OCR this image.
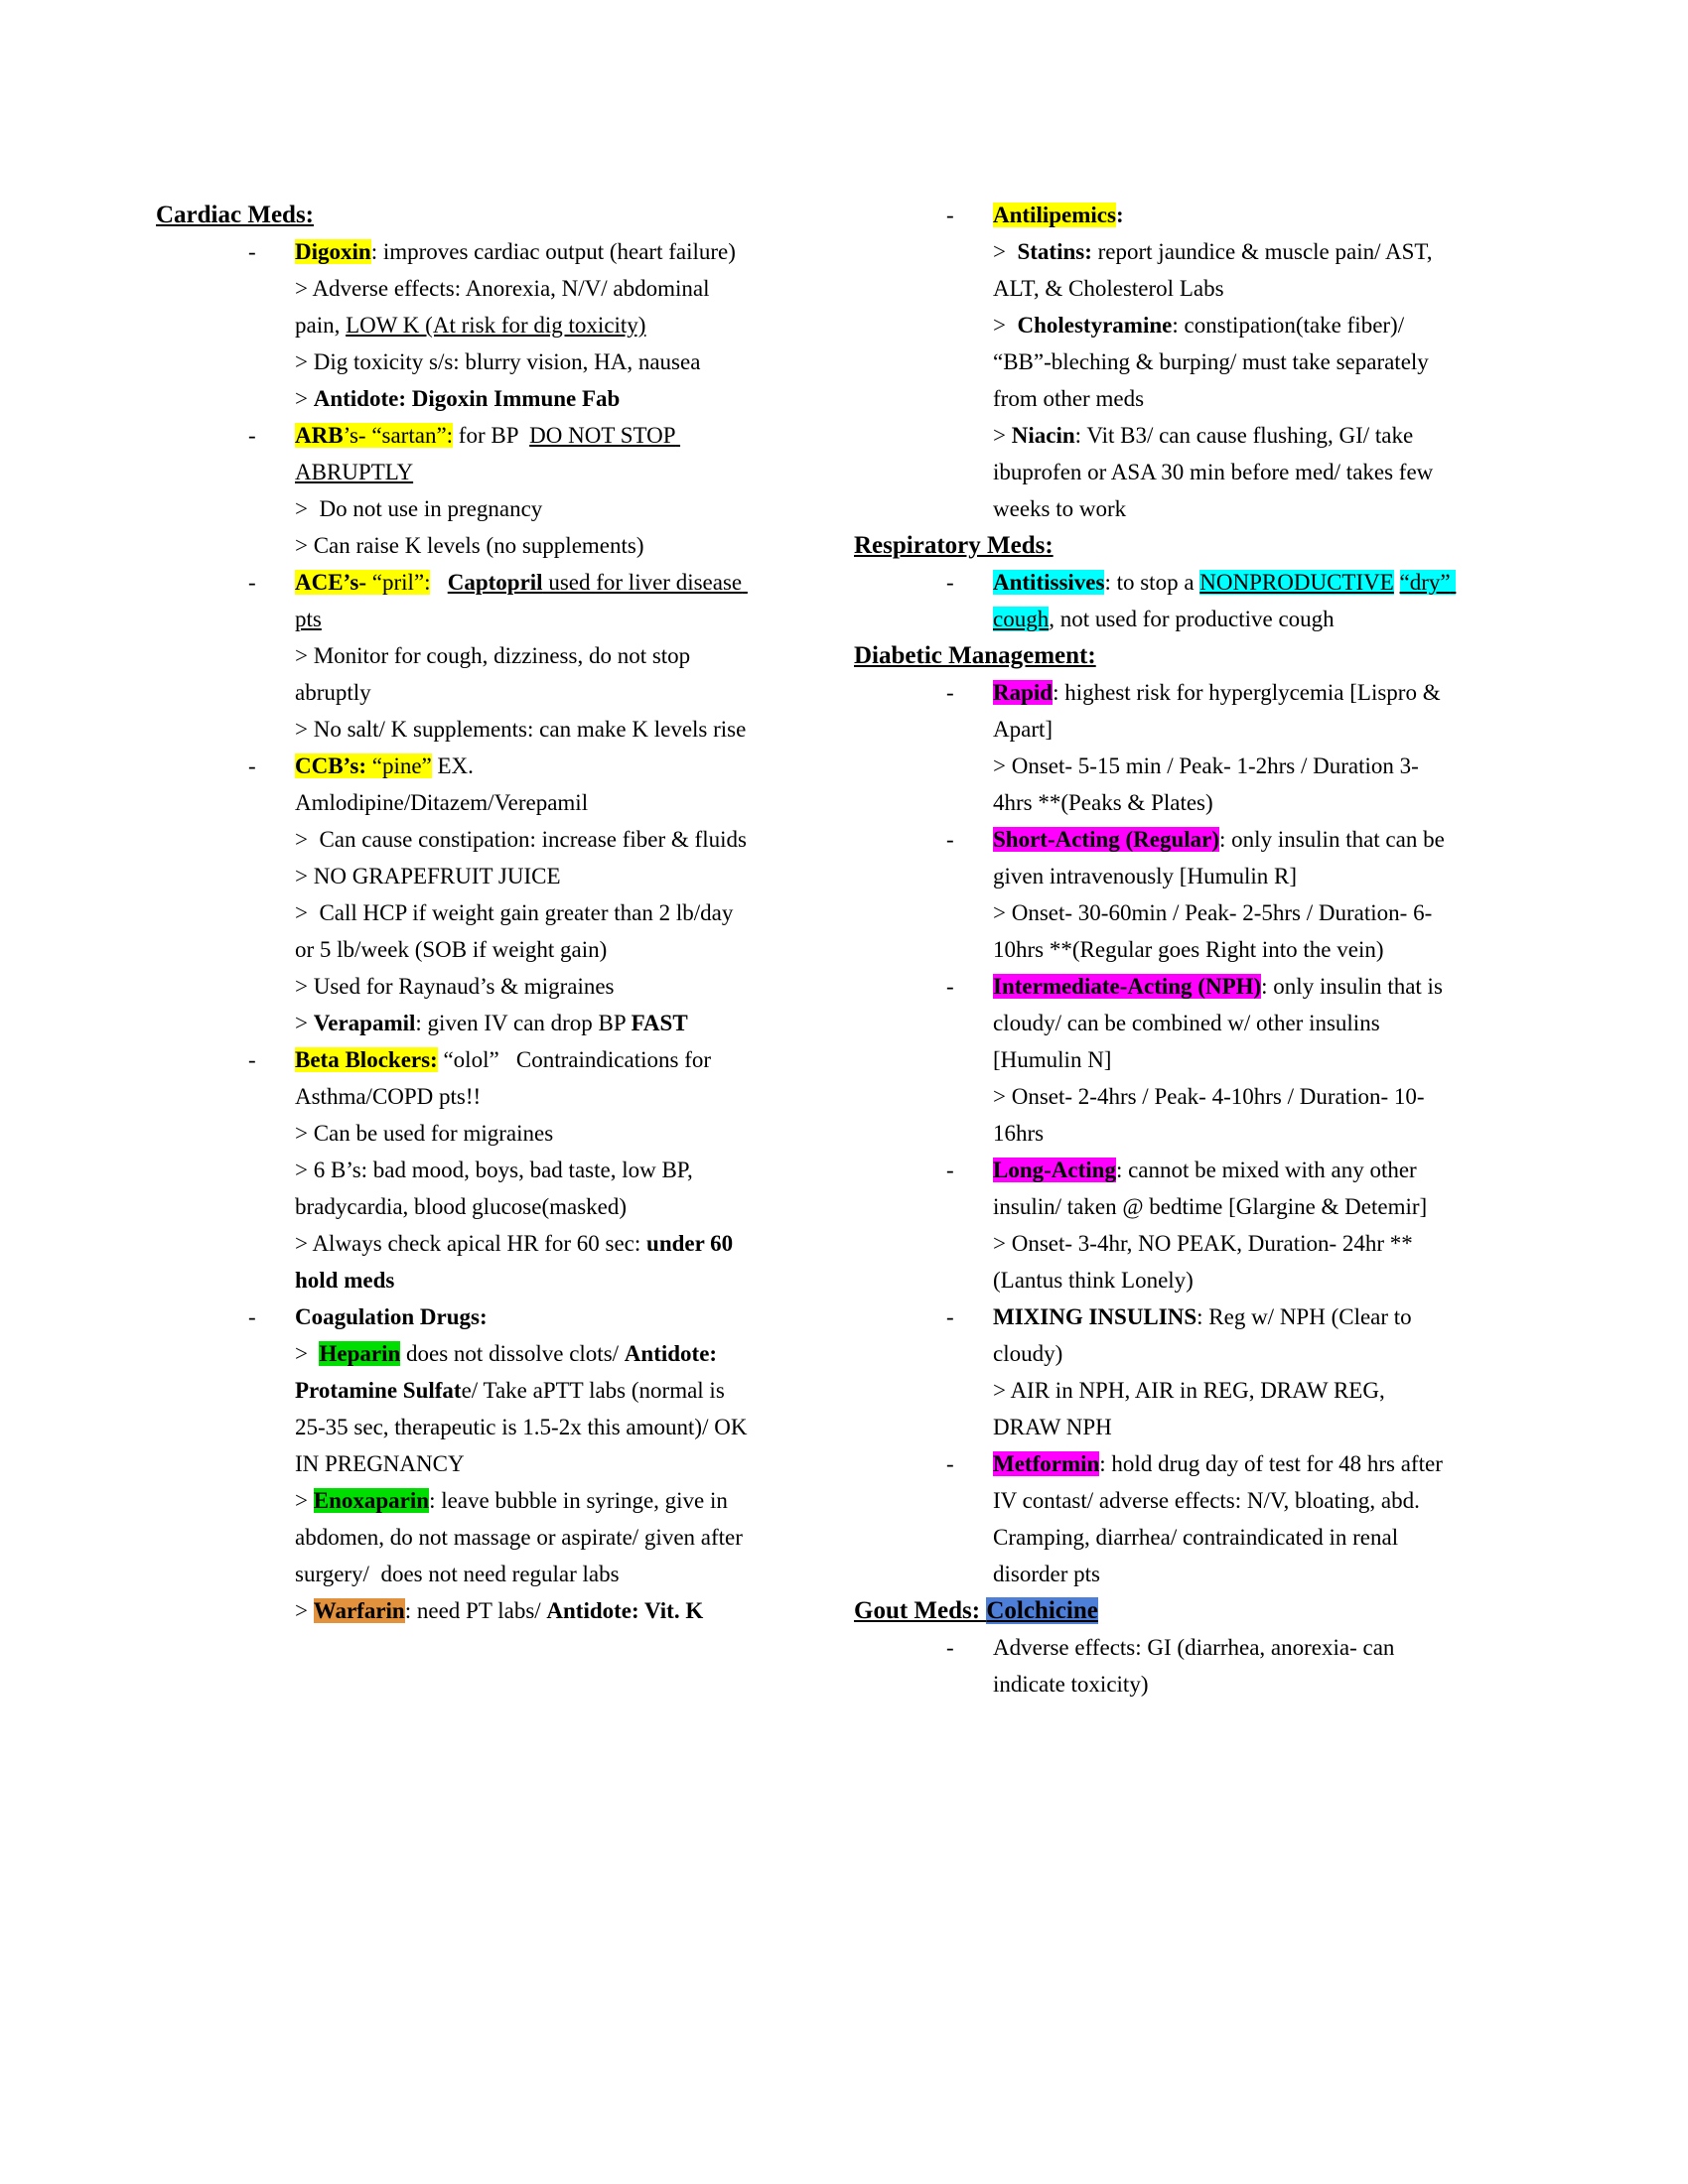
Cardiac Meds:
- Digoxin: improves cardiac output (heart failure)
> Adverse effects: Anorexia, N/V/ abdominal pain, LOW K (At risk for dig toxicity)
> Dig toxicity s/s: blurry vision, HA, nausea
> Antidote: Digoxin Immune Fab
- ARB’s- “sartan”: for BP  DO NOT STOP ABRUPTLY
>  Do not use in pregnancy
> Can raise K levels (no supplements)
- ACE’s- “pril”: Captopril used for liver disease pts
> Monitor for cough, dizziness, do not stop abruptly
> No salt/ K supplements: can make K levels rise
- CCB’s: “pine” EX. Amlodipine/Ditazem/Verepamil
>  Can cause constipation: increase fiber & fluids
> NO GRAPEFRUIT JUICE
>  Call HCP if weight gain greater than 2 lb/day or 5 lb/week (SOB if weight gain)
> Used for Raynaud’s & migraines
> Verapamil: given IV can drop BP FAST
- Beta Blockers: “olol”   Contraindications for Asthma/COPD pts!!
> Can be used for migraines
> 6 B’s: bad mood, boys, bad taste, low BP, bradycardia, blood glucose(masked)
> Always check apical HR for 60 sec: under 60 hold meds
- Coagulation Drugs:
>  Heparin does not dissolve clots/ Antidote: Protamine Sulfate/ Take aPTT labs (normal is 25-35 sec, therapeutic is 1.5-2x this amount)/ OK IN PREGNANCY
> Enoxaparin: leave bubble in syringe, give in abdomen, do not massage or aspirate/ given after surgery/  does not need regular labs
> Warfarin: need PT labs/ Antidote: Vit. K
- Antilipemics:
>  Statins: report jaundice & muscle pain/ AST, ALT, & Cholesterol Labs
>  Cholestyramine: constipation(take fiber)/ “BB”-bleching & burping/ must take separately from other meds
> Niacin: Vit B3/ can cause flushing, GI/ take ibuprofen or ASA 30 min before med/ takes few weeks to work
Respiratory Meds:
- Antitissives: to stop a NONPRODUCTIVE “dry” cough, not used for productive cough
Diabetic Management:
- Rapid: highest risk for hyperglycemia [Lispro & Apart]
> Onset- 5-15 min / Peak- 1-2hrs / Duration 3-4hrs **(Peaks & Plates)
- Short-Acting (Regular): only insulin that can be given intravenously [Humulin R]
> Onset- 30-60min / Peak- 2-5hrs / Duration- 6-10hrs **(Regular goes Right into the vein)
- Intermediate-Acting (NPH): only insulin that is cloudy/ can be combined w/ other insulins [Humulin N]
> Onset- 2-4hrs / Peak- 4-10hrs / Duration- 10-16hrs
- Long-Acting: cannot be mixed with any other insulin/ taken @ bedtime [Glargine & Detemir]
> Onset- 3-4hr, NO PEAK, Duration- 24hr **(Lantus think Lonely)
- MIXING INSULINS: Reg w/ NPH (Clear to cloudy)
> AIR in NPH, AIR in REG, DRAW REG, DRAW NPH
- Metformin: hold drug day of test for 48 hrs after IV contast/ adverse effects: N/V, bloating, abd. Cramping, diarrhea/ contraindicated in renal disorder pts
Gout Meds: Colchicine
- Adverse effects: GI (diarrhea, anorexia- can indicate toxicity)
